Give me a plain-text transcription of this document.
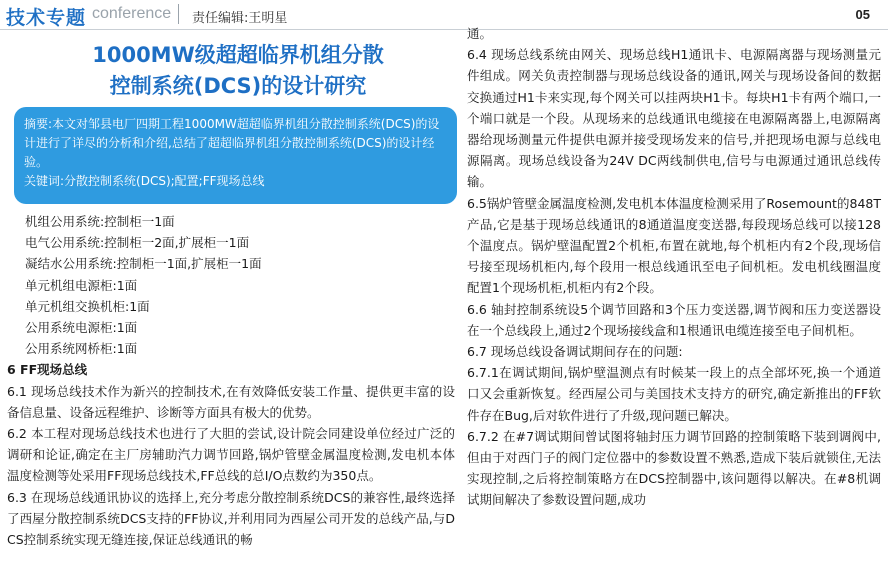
技术专题 conference 责任编辑:王明星	05
1000MW级超超临界机组分散
控制系统(DCS)的设计研究
摘要:本文对邹县电厂四期工程1000MW超超临界机组分散控制系统(DCS)的设计进行了详尽的分析和介绍,总结了超超临界机组分散控制系统(DCS)的设计经验。
关键词:分散控制系统(DCS);配置;FF现场总线
机组公用系统:控制柜一1面
电气公用系统:控制柜一2面,扩展柜一1面
凝结水公用系统:控制柜一1面,扩展柜一1面
单元机组电源柜:1面
单元机组交换机柜:1面
公用系统电源柜:1面
公用系统网桥柜:1面
6 FF现场总线
6.1 现场总线技术作为新兴的控制技术,在有效降低安装工作量、提供更丰富的设备信息量、设备远程维护、诊断等方面具有极大的优势。
6.2 本工程对现场总线技术也进行了大胆的尝试,设计院会同建设单位经过广泛的调研和论证,确定在主厂房辅助汽力调节回路,锅炉管壁金属温度检测,发电机本体温度检测等处采用FF现场总线技术,FF总线的总I/O点数约为350点。
6.3 在现场总线通讯协议的选择上,充分考虑分散控制系统DCS的兼容性,最终选择了西屋分散控制系统DCS支持的FF协议,并利用同为西屋公司开发的总线产品,与DCS控制系统实现无缝连接,保证总线通讯的畅
通。
6.4 现场总线系统由网关、现场总线H1通讯卡、电源隔离器与现场测量元件组成。网关负责控制器与现场总线设备的通讯,网关与现场设备间的数据交换通过H1卡来实现,每个网关可以挂两块H1卡。每块H1卡有两个端口,一个端口就是一个段。从现场来的总线通讯电缆接在电源隔离器上,电源隔离器给现场测量元件提供电源并接受现场发来的信号,并把现场电源与总线电源隔离。现场总线设备为24V DC两线制供电,信号与电源通过通讯总线传输。
6.5锅炉管壁金属温度检测,发电机本体温度检测采用了Rosemount的848T产品,它是基于现场总线通讯的8通道温度变送器,每段现场总线可以接128个温度点。锅炉壁温配置2个机柜,布置在就地,每个机柜内有2个段,现场信号接至现场机柜内,每个段用一根总线通讯至电子间机柜。发电机线圈温度配置1个现场机柜,机柜内有2个段。
6.6 轴封控制系统设5个调节回路和3个压力变送器,调节阀和压力变送器设在一个总线段上,通过2个现场接线盒和1根通讯电缆连接至电子间机柜。
6.7 现场总线设备调试期间存在的问题:
6.7.1在调试期间,锅炉壁温测点有时候某一段上的点全部坏死,换一个通道口又会重新恢复。经西屋公司与美国技术支持方的研究,确定新推出的FF软件存在Bug,后对软件进行了升级,现问题已解决。
6.7.2 在#7调试期间曾试图将轴封压力调节回路的控制策略下装到调阀中,但由于对西门子的阀门定位器中的参数设置不熟悉,造成下装后就锁住,无法实现控制,之后将控制策略方在DCS控制器中,该问题得以解决。在#8机调试期间解决了参数设置问题,成功
